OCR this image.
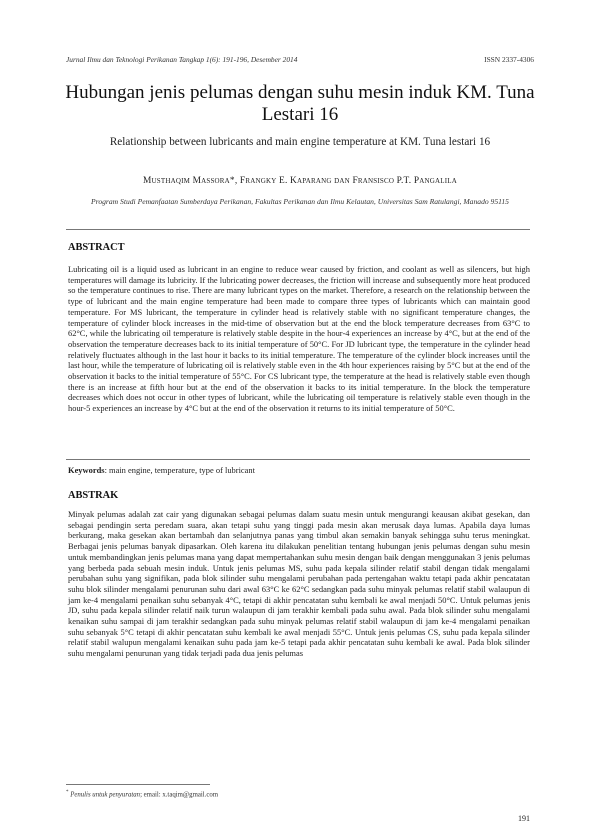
Jurnal Ilmu dan Teknologi Perikanan Tangkap 1(6): 191-196, Desember 2014	ISSN 2337-4306
Hubungan jenis pelumas dengan suhu mesin induk KM. Tuna Lestari 16
Relationship between lubricants and main engine temperature at KM. Tuna lestari 16
Musthaqim Massora*, Frangky E. Kaparang dan Fransisco P.T. Pangalila
Program Studi Pemanfaatan Sumberdaya Perikanan, Fakultas Perikanan dan Ilmu Kelautan, Universitas Sam Ratulangi, Manado 95115
ABSTRACT

Lubricating oil is a liquid used as lubricant in an engine to reduce wear caused by friction, and coolant as well as silencers, but high temperatures will damage its lubricity. If the lubricating power decreases, the friction will increase and subsequently more heat produced so the temperature continues to rise. There are many lubricant types on the market. Therefore, a research on the relationship between the type of lubricant and the main engine temperature had been made to compare three types of lubricants which can maintain good temperature. For MS lubricant, the temperature in cylinder head is relatively stable with no significant temperature changes, the temperature of cylinder block increases in the mid-time of observation but at the end the block temperature decreases from 63°C to 62°C, while the lubricating oil temperature is relatively stable despite in the hour-4 experiences an increase by 4°C, but at the end of the observation the temperature decreases back to its initial temperature of 50°C. For JD lubricant type, the temperature in the cylinder head relatively fluctuates although in the last hour it backs to its initial temperature. The temperature of the cylinder block increases until the last hour, while the temperature of lubricating oil is relatively stable even in the 4th hour experiences raising by 5°C but at the end of the observation it backs to the initial temperature of 55°C. For CS lubricant type, the temperature at the head is relatively stable even though there is an increase at fifth hour but at the end of the observation it backs to its initial temperature. In the block the temperature decreases which does not occur in other types of lubricant, while the lubricating oil temperature is relatively stable even though in the hour-5 experiences an increase by 4°C but at the end of the observation it returns to its initial temperature of 50°C.

Keywords: main engine, temperature, type of lubricant
ABSTRAK

Minyak pelumas adalah zat cair yang digunakan sebagai pelumas dalam suatu mesin untuk mengurangi keausan akibat gesekan, dan sebagai pendingin serta peredam suara, akan tetapi suhu yang tinggi pada mesin akan merusak daya lumas. Apabila daya lumas berkurang, maka gesekan akan bertambah dan selanjutnya panas yang timbul akan semakin banyak sehingga suhu terus meningkat. Berbagai jenis pelumas banyak dipasarkan. Oleh karena itu dilakukan penelitian tentang hubungan jenis pelumas dengan suhu mesin untuk membandingkan jenis pelumas mana yang dapat mempertahankan suhu mesin dengan baik dengan menggunakan 3 jenis pelumas yang berbeda pada sebuah mesin induk. Untuk jenis pelumas MS, suhu pada kepala silinder relatif stabil dengan tidak mengalami perubahan suhu yang signifikan, pada blok silinder suhu mengalami perubahan pada pertengahan waktu tetapi pada akhir pencatatan suhu blok silinder mengalami penurunan suhu dari awal 63°C ke 62°C sedangkan pada suhu minyak pelumas relatif stabil walaupun di jam ke-4 mengalami penaikan suhu sebanyak 4°C, tetapi di akhir pencatatan suhu kembali ke awal menjadi 50°C. Untuk pelumas jenis JD, suhu pada kepala silinder relatif naik turun walaupun di jam terakhir kembali pada suhu awal. Pada blok silinder suhu mengalami kenaikan suhu sampai di jam terakhir sedangkan pada suhu minyak pelumas relatif stabil walaupun di jam ke-4 mengalami penaikan suhu sebanyak 5°C tetapi di akhir pencatatan suhu kembali ke awal menjadi 55°C. Untuk jenis pelumas CS, suhu pada kepala silinder relatif stabil walupun mengalami kenaikan suhu pada jam ke-5 tetapi pada akhir pencatatan suhu kembali ke awal. Pada blok silinder suhu mengalami penurunan yang tidak terjadi pada dua jenis pelumas

* Penulis untuk penyuratan; email: x.taqim@gmail.com
191
